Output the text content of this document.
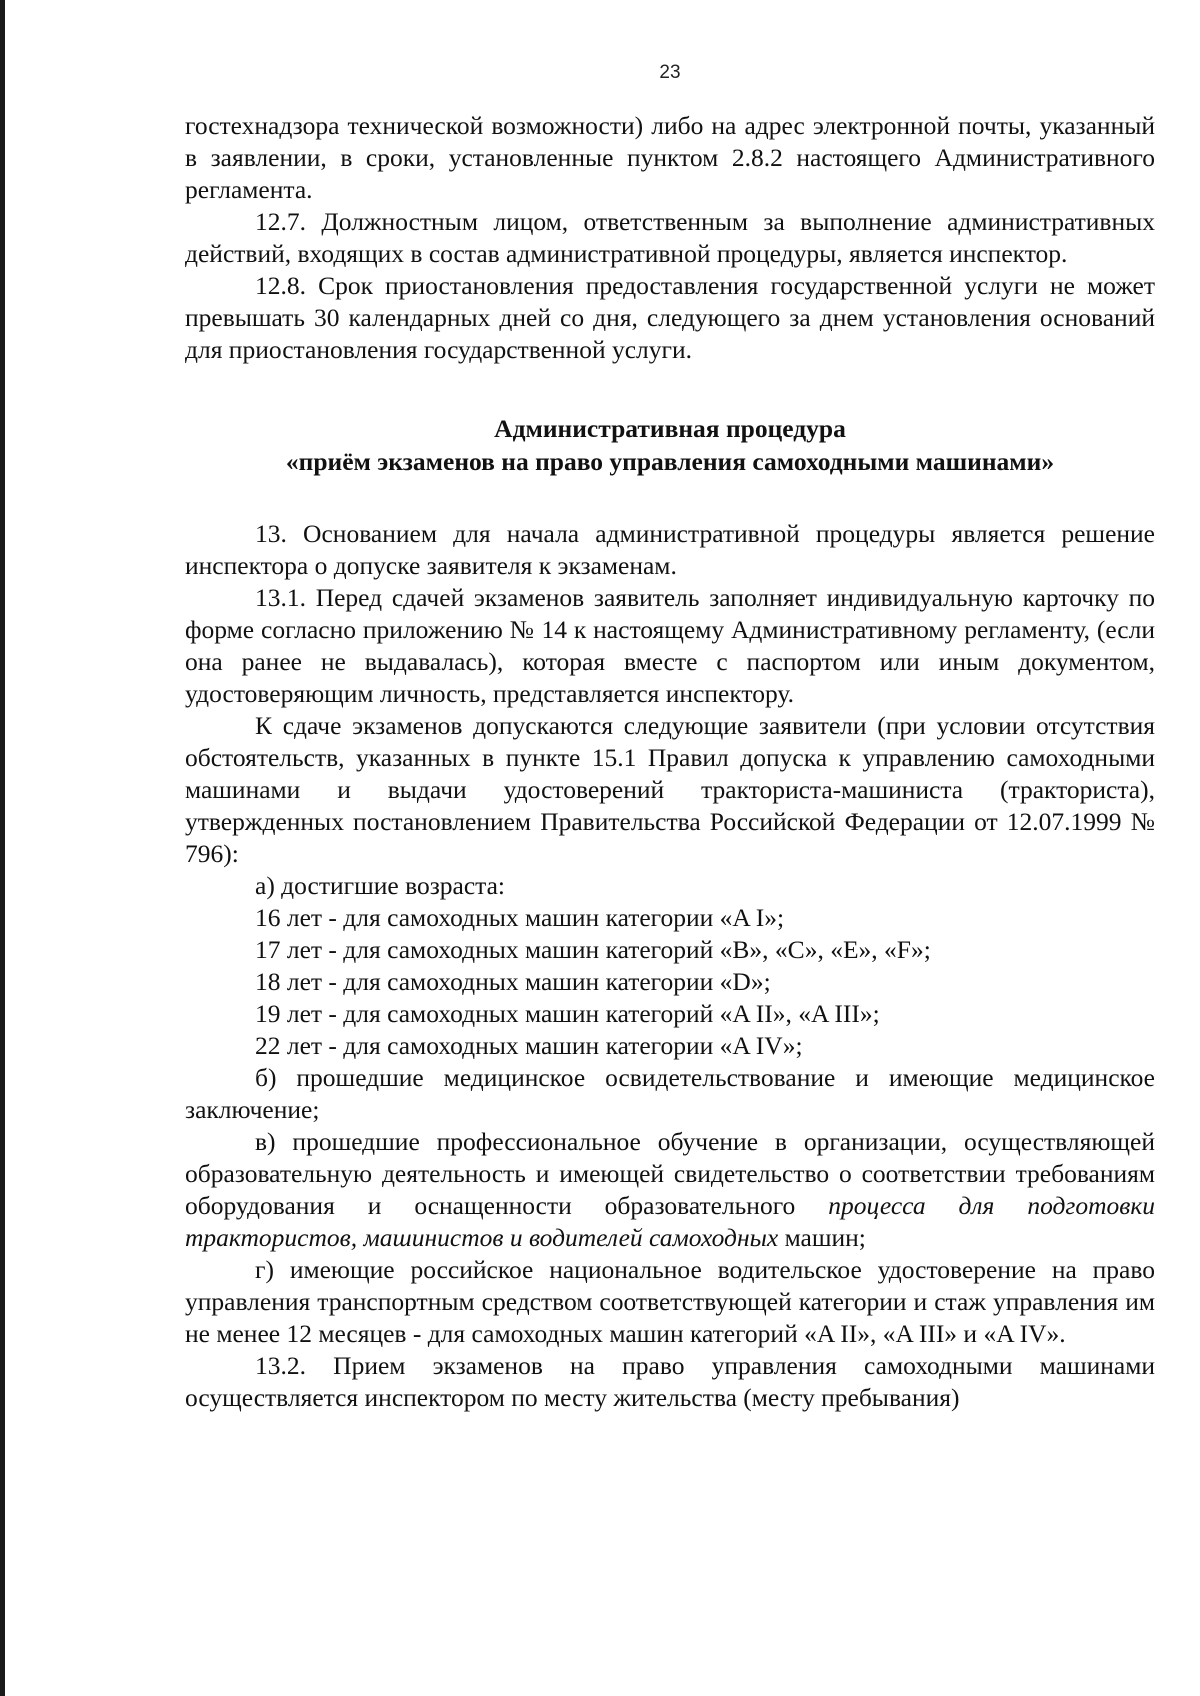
23

гостехнадзора технической возможности) либо на адрес электронной почты, указанный в заявлении, в сроки, установленные пунктом 2.8.2 настоящего Административного регламента.

12.7. Должностным лицом, ответственным за выполнение административных действий, входящих в состав административной процедуры, является инспектор.

12.8. Срок приостановления предоставления государственной услуги не может превышать 30 календарных дней со дня, следующего за днем установления оснований для приостановления государственной услуги.

Административная процедура

«приём экзаменов на право управления самоходными машинами»

13. Основанием для начала административной процедуры является решение инспектора о допуске заявителя к экзаменам.

13.1. Перед сдачей экзаменов заявитель заполняет индивидуальную карточку по форме согласно приложению № 14 к настоящему Административному регламенту, (если она ранее не выдавалась), которая вместе с паспортом или иным документом, удостоверяющим личность, представляется инспектору.

К сдаче экзаменов допускаются следующие заявители (при условии отсутствия обстоятельств, указанных в пункте 15.1 Правил допуска к управлению самоходными машинами и выдачи удостоверений тракториста-машиниста (тракториста), утвержденных постановлением Правительства Российской Федерации от 12.07.1999 № 796):

а) достигшие возраста:

16 лет - для самоходных машин категории «A I»;

17 лет - для самоходных машин категорий «B», «C», «E», «F»;

18 лет - для самоходных машин категории «D»;

19 лет - для самоходных машин категорий «A II», «A III»;

22 лет - для самоходных машин категории «A IV»;

б) прошедшие медицинское освидетельствование и имеющие медицинское заключение;

в) прошедшие профессиональное обучение в организации, осуществляющей образовательную деятельность и имеющей свидетельство о соответствии требованиям оборудования и оснащенности образовательного процесса для подготовки трактористов, машинистов и водителей самоходных машин;

г) имеющие российское национальное водительское удостоверение на право управления транспортным средством соответствующей категории и стаж управления им не менее 12 месяцев - для самоходных машин категорий «A II», «A III» и «A IV».

13.2. Прием экзаменов на право управления самоходными машинами осуществляется инспектором по месту жительства (месту пребывания)
